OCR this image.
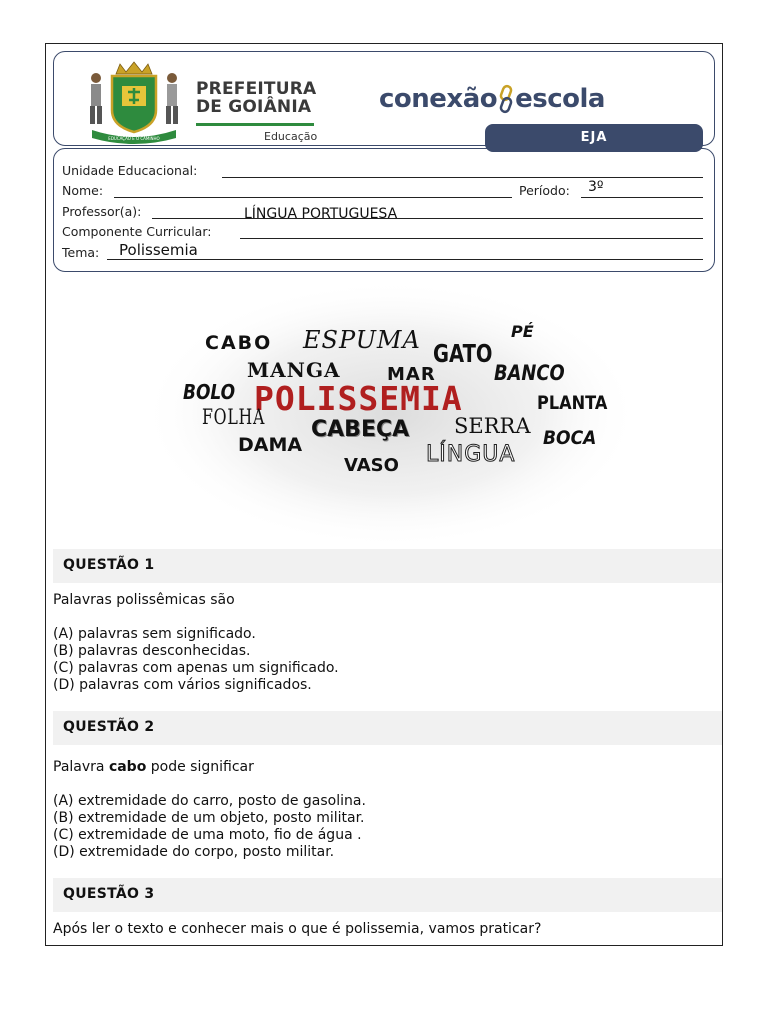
EDUCAÇÃO É O CAMINHO
PREFEITURA
DE GOIÂNIA
Educação
conexão escola
EJA
Unidade Educacional:
Nome:	Período: 3º
Professor(a):	LÍNGUA PORTUGUESA
Componente Curricular:
Tema: Polissemia
CABO ESPUMA	PÉ
GATO
MANGA	MAR	BANCO
BOLO POLISSEMIA	PLANTA
FOLHA CABEÇA SERRA
DAMA	BOCA
VASO LÍNGUA
QUESTÃO 1
Palavras polissêmicas são
(A) palavras sem significado.
(B) palavras desconhecidas.
(C) palavras com apenas um significado.
(D) palavras com vários significados.
QUESTÃO 2
Palavra cabo pode significar
(A) extremidade do carro, posto de gasolina.
(B) extremidade de um objeto, posto militar.
(C) extremidade de uma moto, fio de água .
(D) extremidade do corpo, posto militar.
QUESTÃO 3
Após ler o texto e conhecer mais o que é polissemia, vamos praticar?
